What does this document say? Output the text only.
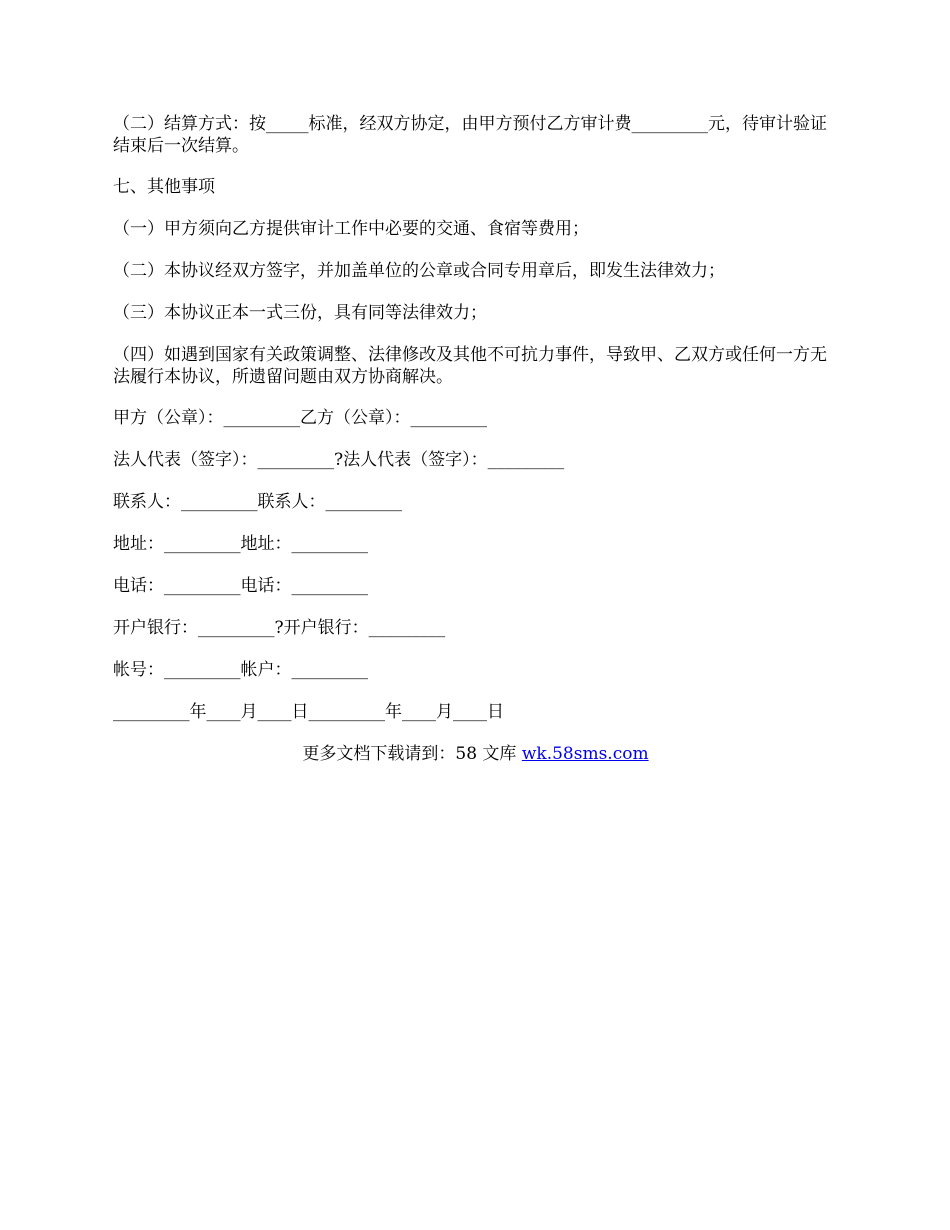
（二）结算方式：按_____标准，经双方协定，由甲方预付乙方审计费_________元，待审计验证结束后一次结算。

七、其他事项

（一）甲方须向乙方提供审计工作中必要的交通、食宿等费用；

（二）本协议经双方签字，并加盖单位的公章或合同专用章后，即发生法律效力；

（三）本协议正本一式三份，具有同等法律效力；

（四）如遇到国家有关政策调整、法律修改及其他不可抗力事件，导致甲、乙双方或任何一方无法履行本协议，所遗留问题由双方协商解决。

甲方（公章）：_________乙方（公章）：_________

法人代表（签字）：_________?法人代表（签字）：_________

联系人：_________联系人：_________

地址：_________地址：_________

电话：_________电话：_________

开户银行：_________?开户银行：_________

帐号：_________帐户：_________

_________年____月____日_________年____月____日

更多文档下载请到：58 文库 wk.58sms.com
